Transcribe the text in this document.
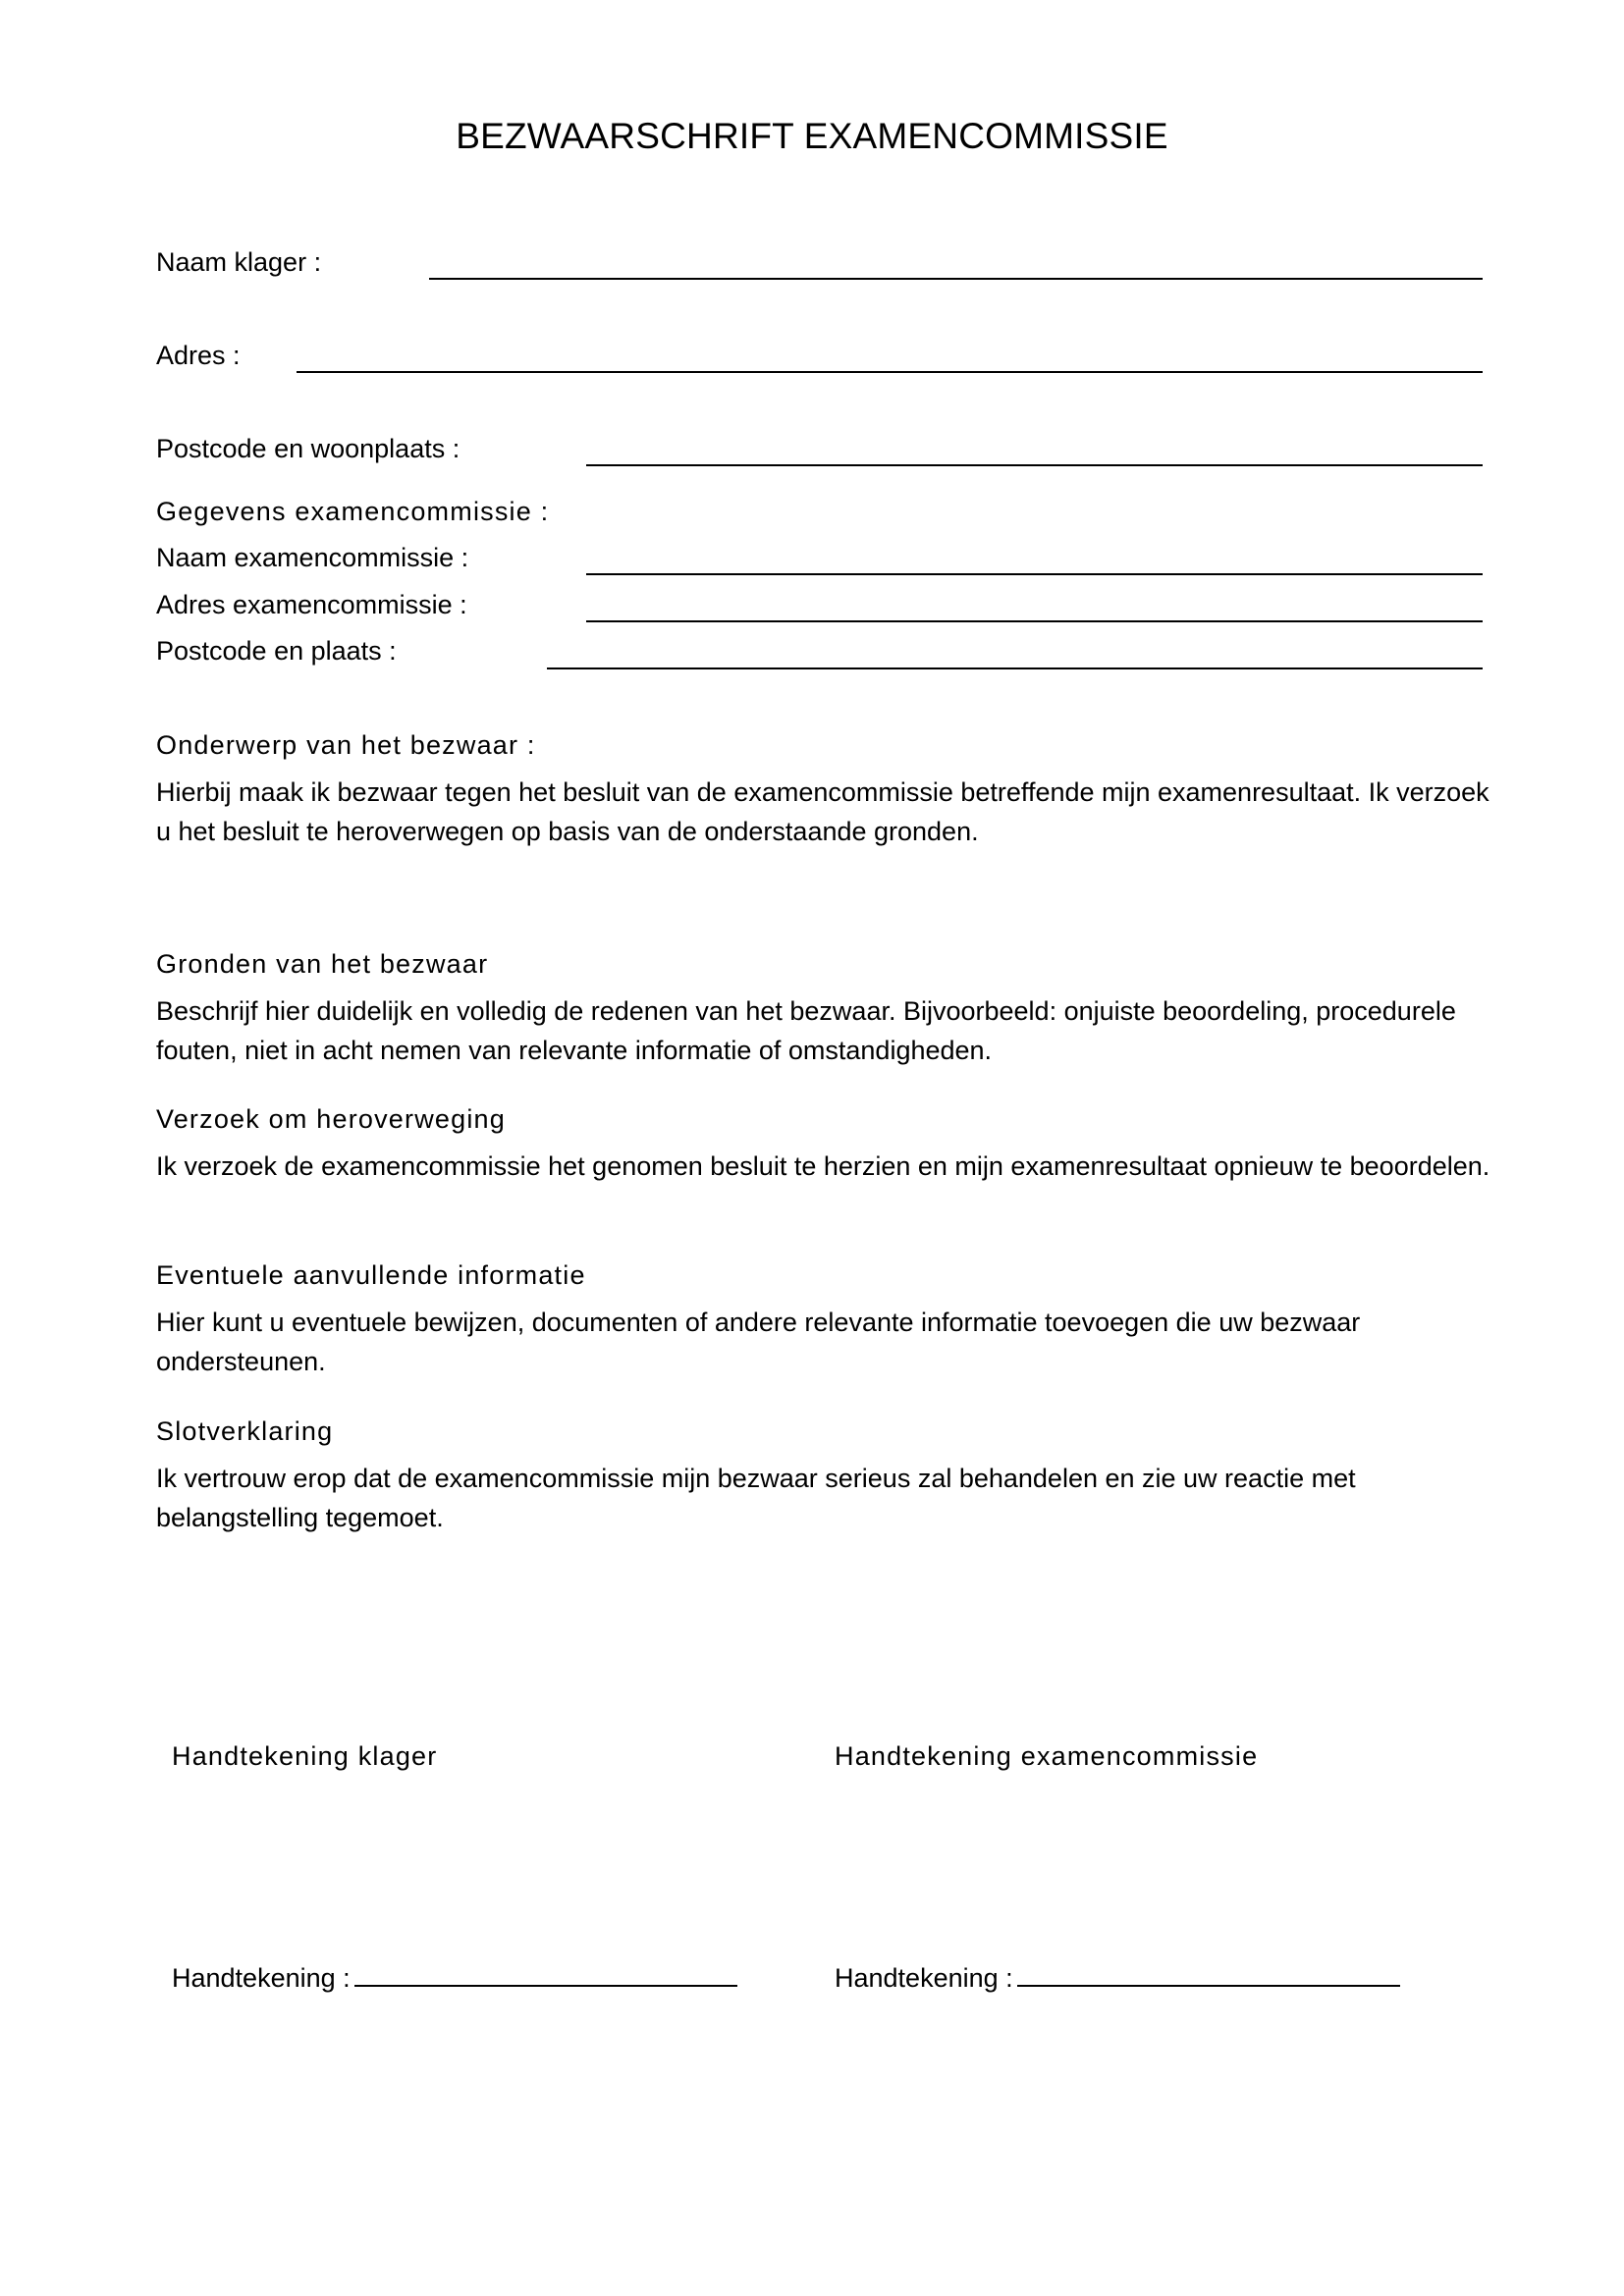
BEZWAARSCHRIFT EXAMENCOMMISSIE
Naam klager :
Adres :
Postcode en woonplaats :
Gegevens examencommissie :
Naam examencommissie :
Adres examencommissie :
Postcode en plaats :
Onderwerp van het bezwaar :
Hierbij maak ik bezwaar tegen het besluit van de examencommissie betreffende mijn examenresultaat. Ik verzoek u het besluit te heroverwegen op basis van de onderstaande gronden.
Gronden van het bezwaar
Beschrijf hier duidelijk en volledig de redenen van het bezwaar. Bijvoorbeeld: onjuiste beoordeling, procedurele fouten, niet in acht nemen van relevante informatie of omstandigheden.
Verzoek om heroverweging
Ik verzoek de examencommissie het genomen besluit te herzien en mijn examenresultaat opnieuw te beoordelen.
Eventuele aanvullende informatie
Hier kunt u eventuele bewijzen, documenten of andere relevante informatie toevoegen die uw bezwaar ondersteunen.
Slotverklaring
Ik vertrouw erop dat de examencommissie mijn bezwaar serieus zal behandelen en zie uw reactie met belangstelling tegemoet.
Handtekening klager	Handtekening examencommissie
Handtekening :	Handtekening :
